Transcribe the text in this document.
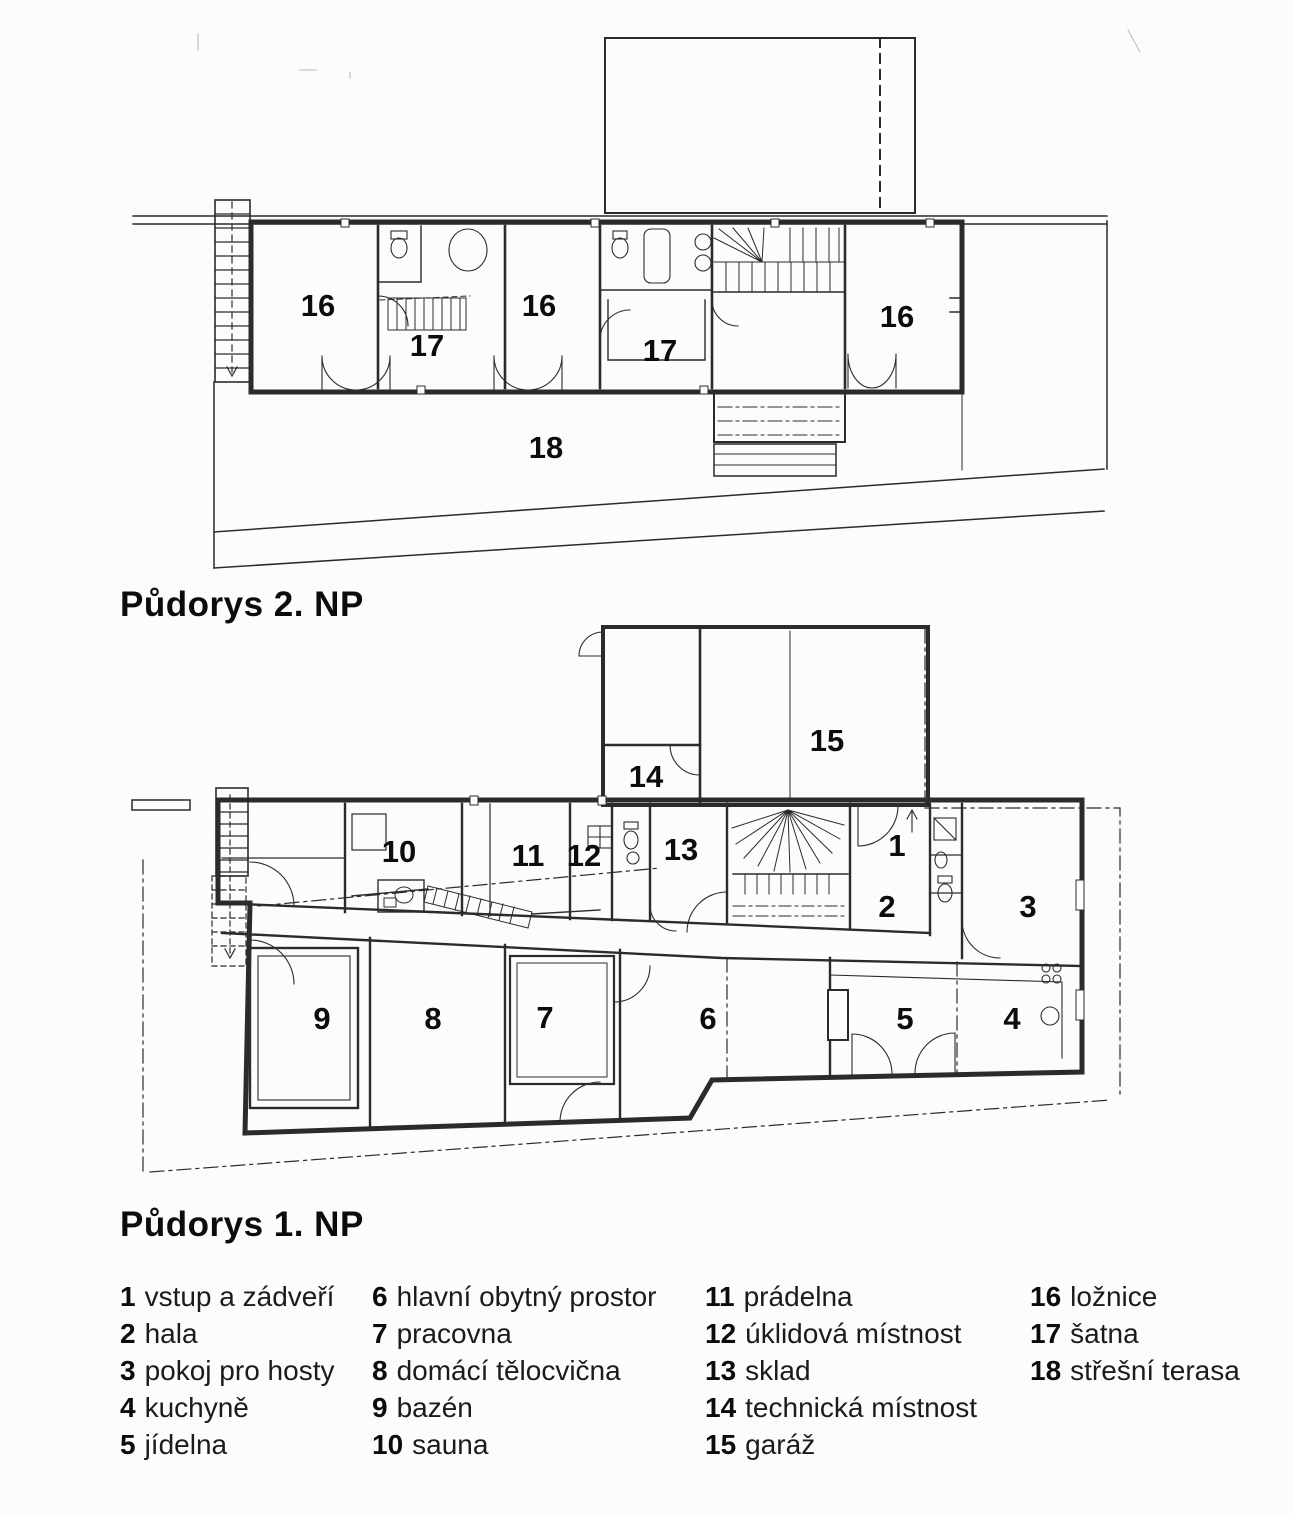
16
17
16
17
16
18
14
15
10	11 12 13	1
2	3
9	8	7	6	5	4
Půdorys 2. NP
Půdorys 1. NP
1 vstup a zádveří
2 hala
3 pokoj pro hosty
4 kuchyně
5 jídelna
6 hlavní obytný prostor
7 pracovna
8 domácí tělocvična
9 bazén
10 sauna
11 prádelna
12 úklidová místnost
13 sklad
14 technická místnost
15 garáž
16 ložnice
17 šatna
18 střešní terasa
